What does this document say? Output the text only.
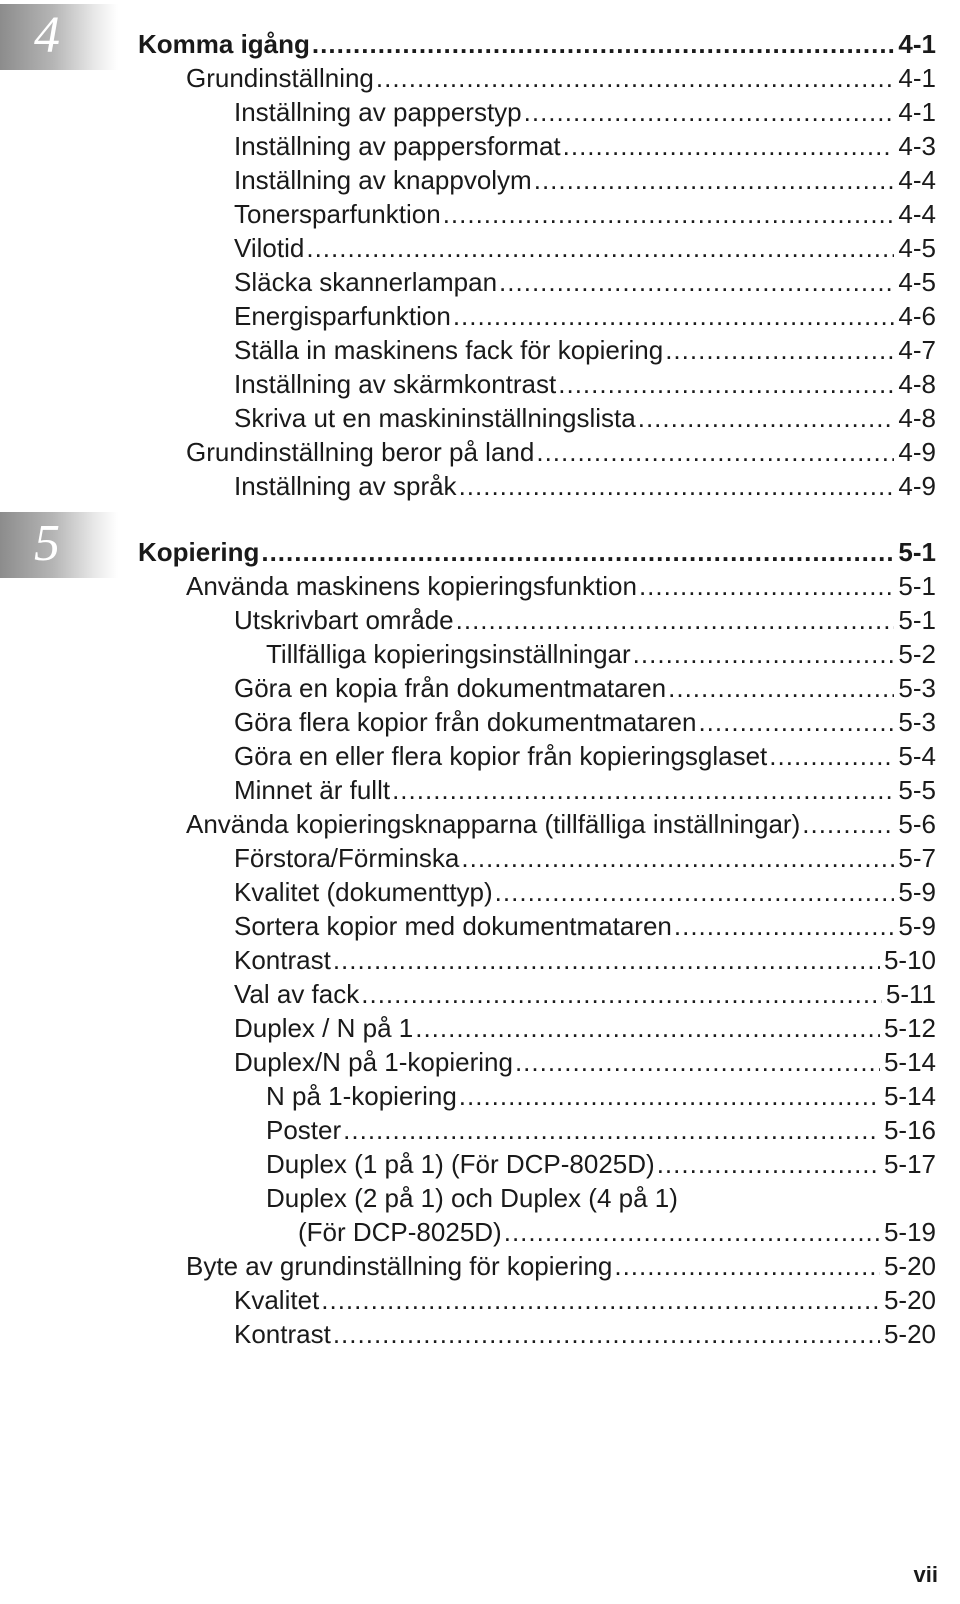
4
5
Komma igång .....	4-1
Grundinställning .....	4-1
Inställning av papperstyp .....	4-1
Inställning av pappersformat .....	4-3
Inställning av knappvolym .....	4-4
Tonersparfunktion .....	4-4
Vilotid .....	4-5
Släcka skannerlampan .....	4-5
Energisparfunktion .....	4-6
Ställa in maskinens fack för kopiering .....	4-7
Inställning av skärmkontrast .....	4-8
Skriva ut en maskininställningslista .....	4-8
Grundinställning beror på land .....	4-9
Inställning av språk .....	4-9
Kopiering .....	5-1
Använda maskinens kopieringsfunktion .....	5-1
Utskrivbart område .....	5-1
Tillfälliga kopieringsinställningar .....	5-2
Göra en kopia från dokumentmataren .....	5-3
Göra flera kopior från dokumentmataren .....	5-3
Göra en eller flera kopior från kopieringsglaset .....	5-4
Minnet är fullt .....	5-5
Använda kopieringsknapparna (tillfälliga inställningar) .....	5-6
Förstora/Förminska .....	5-7
Kvalitet (dokumenttyp) .....	5-9
Sortera kopior med dokumentmataren .....	5-9
Kontrast .....	5-10
Val av fack .....	5-11
Duplex / N på 1 .....	5-12
Duplex/N på 1-kopiering .....	5-14
N på 1-kopiering .....	5-14
Poster .....	5-16
Duplex (1 på 1) (För DCP-8025D) .....	5-17
Duplex (2 på 1) och Duplex (4 på 1)
(För DCP-8025D) .....	5-19
Byte av grundinställning för kopiering .....	5-20
Kvalitet .....	5-20
Kontrast .....	5-20
vii
